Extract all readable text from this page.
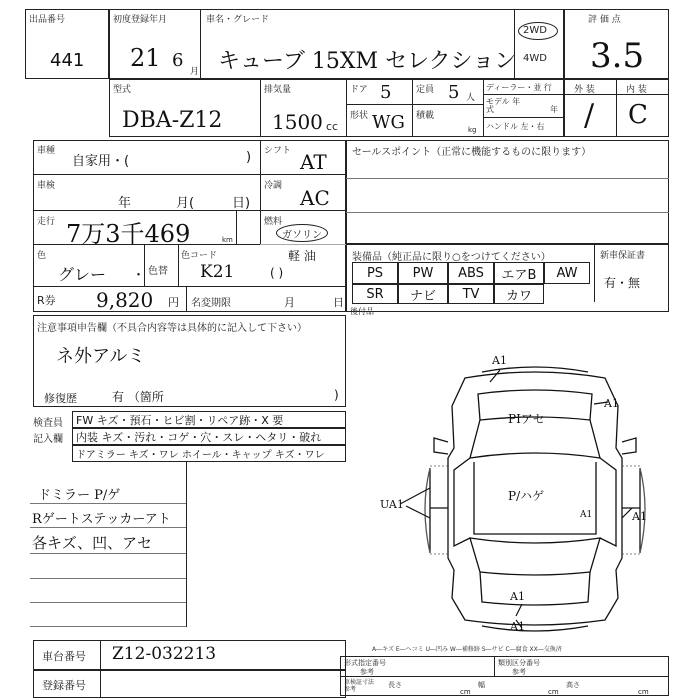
出品番号
441
初度登録年月
21 6
月
車名・グレード
キューブ 15XM セレクション
2WD
4WD
評 価 点
3.5
型式
DBA-Z12
排気量
1500 cc
ドア 5	定員 5 人
形状 WG 積載
kg
ディーラー・並 行
モデル 年式	年
ハンドル 左・右
外 装	内 装
/ C
車種
自家用・(	) シフト AT
車検
年	月(	日)
冷調 AC
走行 7万3千469	km
燃料
ガソリン
軽 油
( )
色
グレー ・ 色替
色コード
K21
R券 9,820 円 名変期限	月	日
セールスポイント（正常に機能するものに限ります）
装備品（純正品に限り○をつけてください）	新車保証書
有・無
PS	PW	ABS	エアB	AW
SR	ナビ	TV	カワ
後付品
注意事項申告欄（不具合内容等は具体的に記入して下さい）
ネ外アルミ
修復歴	有 （箇所	)
検査員
記入欄
FW キズ・預石・ヒビ割・リペア跡・X 要
内装 キズ・汚れ・コゲ・穴・スレ・ヘタリ・破れ
ドアミラー キズ・ワレ ホイール・キャップ キズ・ワレ
ドミラー P/ゲ
Rゲートステッカーアト
各キズ、凹、アセ
A1
A1
A1
UA1
A1
A1
A1
PIアセ
P/ハゲ
車台番号 Z12-032213
登録番号
A―キズ E―ヘコミ U―凹み W―補修跡 S―サビ C―腐食 XX―交換済
形式指定番号
参考
類別区分番号
参考
車検証寸法 参考
長さ
cm
幅
cm
高さ
cm
